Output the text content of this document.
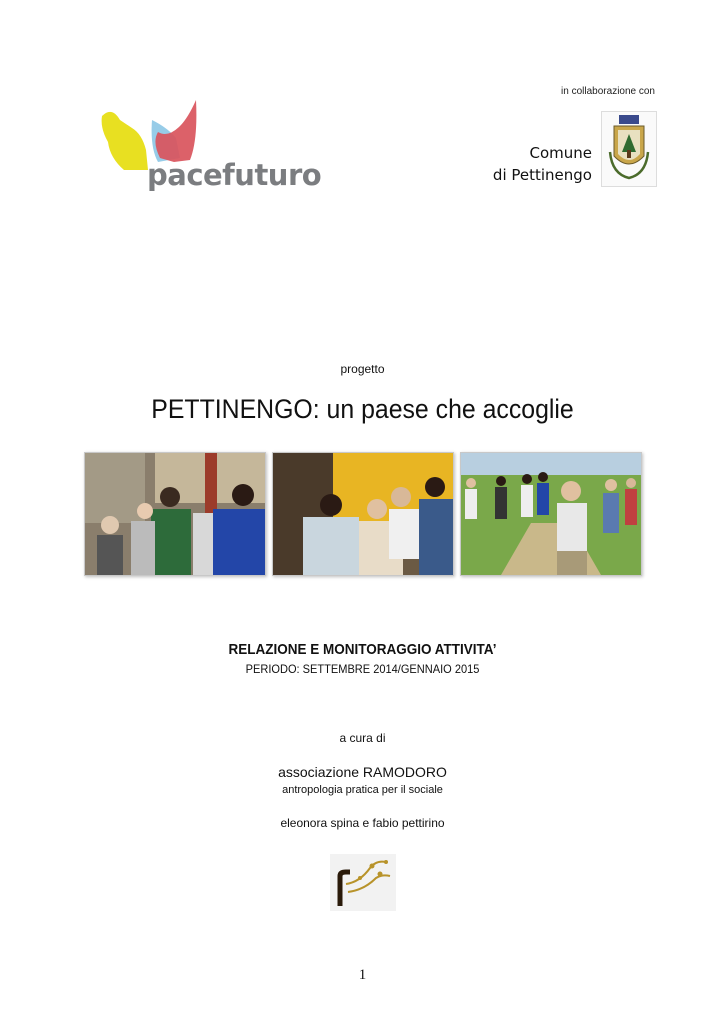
in collaborazione con
Comune
di Pettinengo
pacefuturo
progetto
PETTINENGO: un paese che accoglie
RELAZIONE E MONITORAGGIO ATTIVITA’
PERIODO: SETTEMBRE 2014/GENNAIO 2015
a cura di
associazione RAMODORO
antropologia pratica per il sociale
eleonora spina e fabio pettirino
1
